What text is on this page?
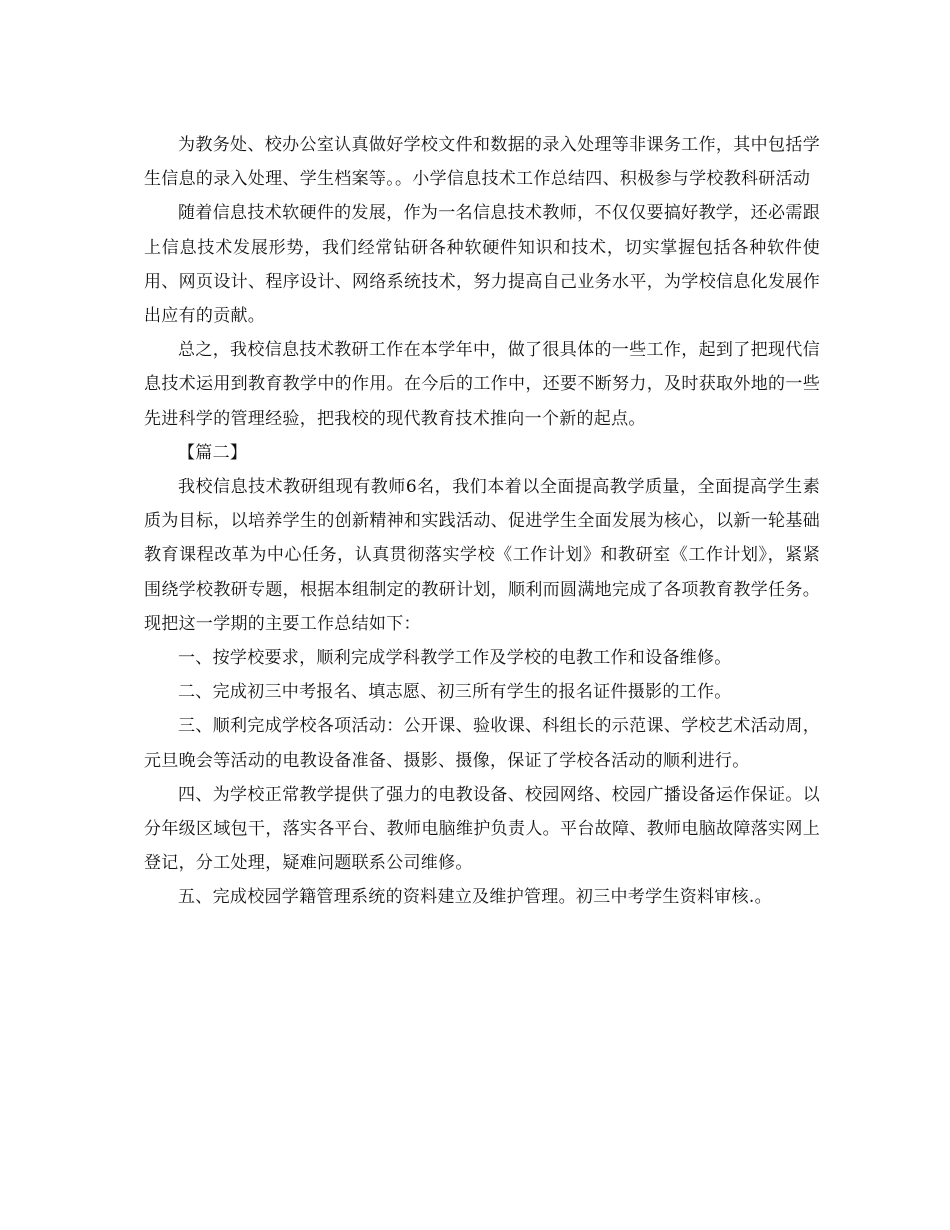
为教务处、校办公室认真做好学校文件和数据的录入处理等非课务工作，其中包括学生信息的录入处理、学生档案等。。小学信息技术工作总结四、积极参与学校教科研活动

随着信息技术软硬件的发展，作为一名信息技术教师，不仅仅要搞好教学，还必需跟上信息技术发展形势，我们经常钻研各种软硬件知识和技术，切实掌握包括各种软件使用、网页设计、程序设计、网络系统技术，努力提高自己业务水平，为学校信息化发展作出应有的贡献。

总之，我校信息技术教研工作在本学年中，做了很具体的一些工作，起到了把现代信息技术运用到教育教学中的作用。在今后的工作中，还要不断努力，及时获取外地的一些先进科学的管理经验，把我校的现代教育技术推向一个新的起点。

【篇二】

我校信息技术教研组现有教师6名，我们本着以全面提高教学质量，全面提高学生素质为目标，以培养学生的创新精神和实践活动、促进学生全面发展为核心，以新一轮基础教育课程改革为中心任务，认真贯彻落实学校《工作计划》和教研室《工作计划》，紧紧围绕学校教研专题，根据本组制定的教研计划，顺利而圆满地完成了各项教育教学任务。现把这一学期的主要工作总结如下：

一、按学校要求，顺利完成学科教学工作及学校的电教工作和设备维修。

二、完成初三中考报名、填志愿、初三所有学生的报名证件摄影的工作。

三、顺利完成学校各项活动：公开课、验收课、科组长的示范课、学校艺术活动周，元旦晚会等活动的电教设备准备、摄影、摄像，保证了学校各活动的顺利进行。

四、为学校正常教学提供了强力的电教设备、校园网络、校园广播设备运作保证。以分年级区域包干，落实各平台、教师电脑维护负责人。平台故障、教师电脑故障落实网上登记，分工处理，疑难问题联系公司维修。

五、完成校园学籍管理系统的资料建立及维护管理。初三中考学生资料审核.。
